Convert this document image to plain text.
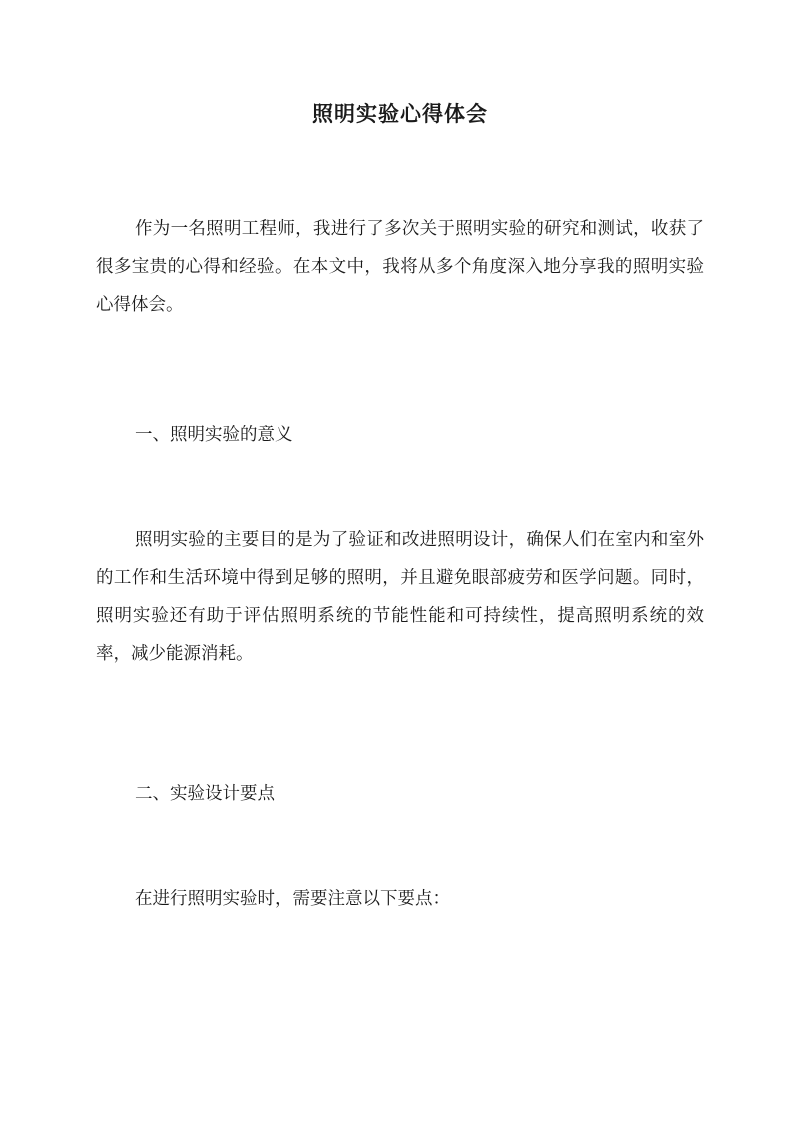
照明实验心得体会

作为一名照明工程师，我进行了多次关于照明实验的研究和测试，收获了很多宝贵的心得和经验。在本文中，我将从多个角度深入地分享我的照明实验心得体会。

一、照明实验的意义

照明实验的主要目的是为了验证和改进照明设计，确保人们在室内和室外的工作和生活环境中得到足够的照明，并且避免眼部疲劳和医学问题。同时，照明实验还有助于评估照明系统的节能性能和可持续性，提高照明系统的效率，减少能源消耗。

二、实验设计要点

在进行照明实验时，需要注意以下要点：
